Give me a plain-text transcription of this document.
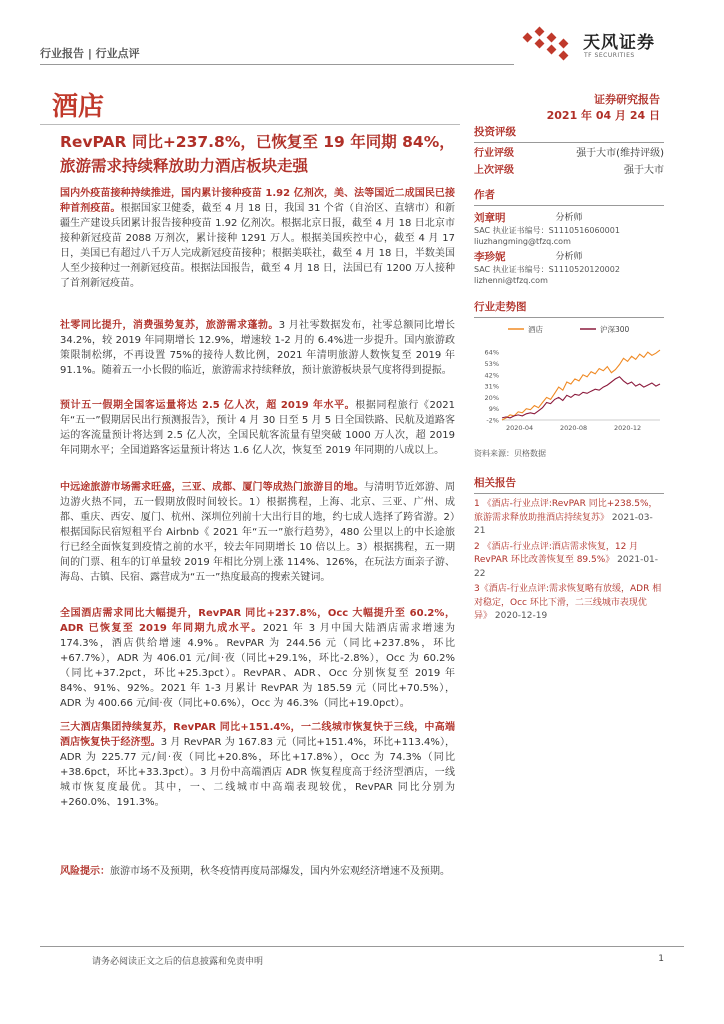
行业报告 | 行业点评
天风证券
TF SECURITIES
酒店	证券研究报告
2021 年 04 月 24 日
RevPAR 同比+237.8%，已恢复至 19 年同期 84%，旅游需求持续释放助力酒店板块走强
国内外疫苗接种持续推进，国内累计接种疫苗 1.92 亿剂次，美、法等国近二成国民已接种首剂疫苗。根据国家卫健委，截至 4 月 18 日，我国 31 个省（自治区、直辖市）和新疆生产建设兵团累计报告接种疫苗 1.92 亿剂次。根据北京日报，截至 4 月 18 日北京市接种新冠疫苗 2088 万剂次，累计接种 1291 万人。根据美国疾控中心，截至 4 月 17 日，美国已有超过八千万人完成新冠疫苗接种；根据美联社，截至 4 月 18 日，半数美国人至少接种过一剂新冠疫苗。根据法国报告，截至 4 月 18 日，法国已有 1200 万人接种了首剂新冠疫苗。
社零同比提升，消费强势复苏，旅游需求蓬勃。3 月社零数据发布，社零总额同比增长 34.2%，较 2019 年同期增长 12.9%，增速较 1-2 月的 6.4%进一步提升。国内旅游政策限制松绑，不再设置 75%的接待人数比例，2021 年清明旅游人数恢复至 2019 年 91.1%。随着五一小长假的临近，旅游需求持续释放，预计旅游板块景气度将得到提振。
预计五一假期全国客运量将达 2.5 亿人次，超 2019 年水平。根据同程旅行《2021 年“五一”假期居民出行预测报告》，预计 4 月 30 日至 5 月 5 日全国铁路、民航及道路客运的客流量预计将达到 2.5 亿人次，全国民航客流量有望突破 1000 万人次，超 2019 年同期水平；全国道路客运量预计将达 1.6 亿人次，恢复至 2019 年同期的八成以上。
中远途旅游市场需求旺盛，三亚、成都、厦门等成热门旅游目的地。与清明节近郊游、周边游火热不同，五一假期放假时间较长。1）根据携程，上海、北京、三亚、广州、成都、重庆、西安、厦门、杭州、深圳位列前十大出行目的地，约七成人选择了跨省游。2）根据国际民宿短租平台 Airbnb《 2021 年“五一”旅行趋势》，480 公里以上的中长途旅行已经全面恢复到疫情之前的水平，较去年同期增长 10 倍以上。3）根据携程，五一期间的门票、租车的订单量较 2019 年相比分别上涨 114%、126%，在玩法方面亲子游、海岛、古镇、民宿、露营成为“五一”热度最高的搜索关键词。
全国酒店需求同比大幅提升，RevPAR 同比+237.8%，Occ 大幅提升至 60.2%，ADR 已恢复至 2019 年同期九成水平。2021 年 3 月中国大陆酒店需求增速为 174.3%，酒店供给增速 4.9%。RevPAR 为 244.56 元（同比+237.8%，环比+67.7%），ADR 为 406.01 元/间·夜（同比+29.1%，环比-2.8%），Occ 为 60.2%（同比+37.2pct，环比+25.3pct）。RevPAR、ADR、Occ 分别恢复至 2019 年 84%、91%、92%。2021 年 1-3 月累计 RevPAR 为 185.59 元（同比+70.5%），ADR 为 400.66 元/间·夜（同比+0.6%），Occ 为 46.3%（同比+19.0pct）。
三大酒店集团持续复苏，RevPAR 同比+151.4%，一二线城市恢复快于三线，中高端酒店恢复快于经济型。3 月 RevPAR 为 167.83 元（同比+151.4%，环比+113.4%），ADR 为 225.77 元/间·夜（同比+20.8%，环比+17.8%），Occ 为 74.3%（同比+38.6pct，环比+33.3pct）。3 月份中高端酒店 ADR 恢复程度高于经济型酒店，一线城市恢复度最优。其中，一、二线城市中高端表现较优，RevPAR 同比分别为+260.0%、191.3%。
风险提示：旅游市场不及预期，秋冬疫情再度局部爆发，国内外宏观经济增速不及预期。
投资评级
行业评级	强于大市(维持评级)
上次评级	强于大市
作者
刘章明	分析师
SAC 执业证书编号：S1110516060001
liuzhangming@tfzq.com
李珍妮	分析师
SAC 执业证书编号：S1110520120002
lizhenni@tfzq.com
行业走势图
酒店	沪深300
64%
53%
42%
31%
20%
9%
-2%
2020-04	2020-08	2020-12
资料来源：贝格数据
相关报告
1 《酒店-行业点评:RevPAR 同比+238.5%，旅游需求释放助推酒店持续复苏》 2021-03-21
2 《酒店-行业点评:酒店需求恢复，12 月 RevPAR 环比改善恢复至 89.5%》 2021-01-22
3《酒店-行业点评:需求恢复略有放缓，ADR 相对稳定，Occ 环比下滑，二三线城市表现优异》 2020-12-19
请务必阅读正文之后的信息披露和免责申明	1
